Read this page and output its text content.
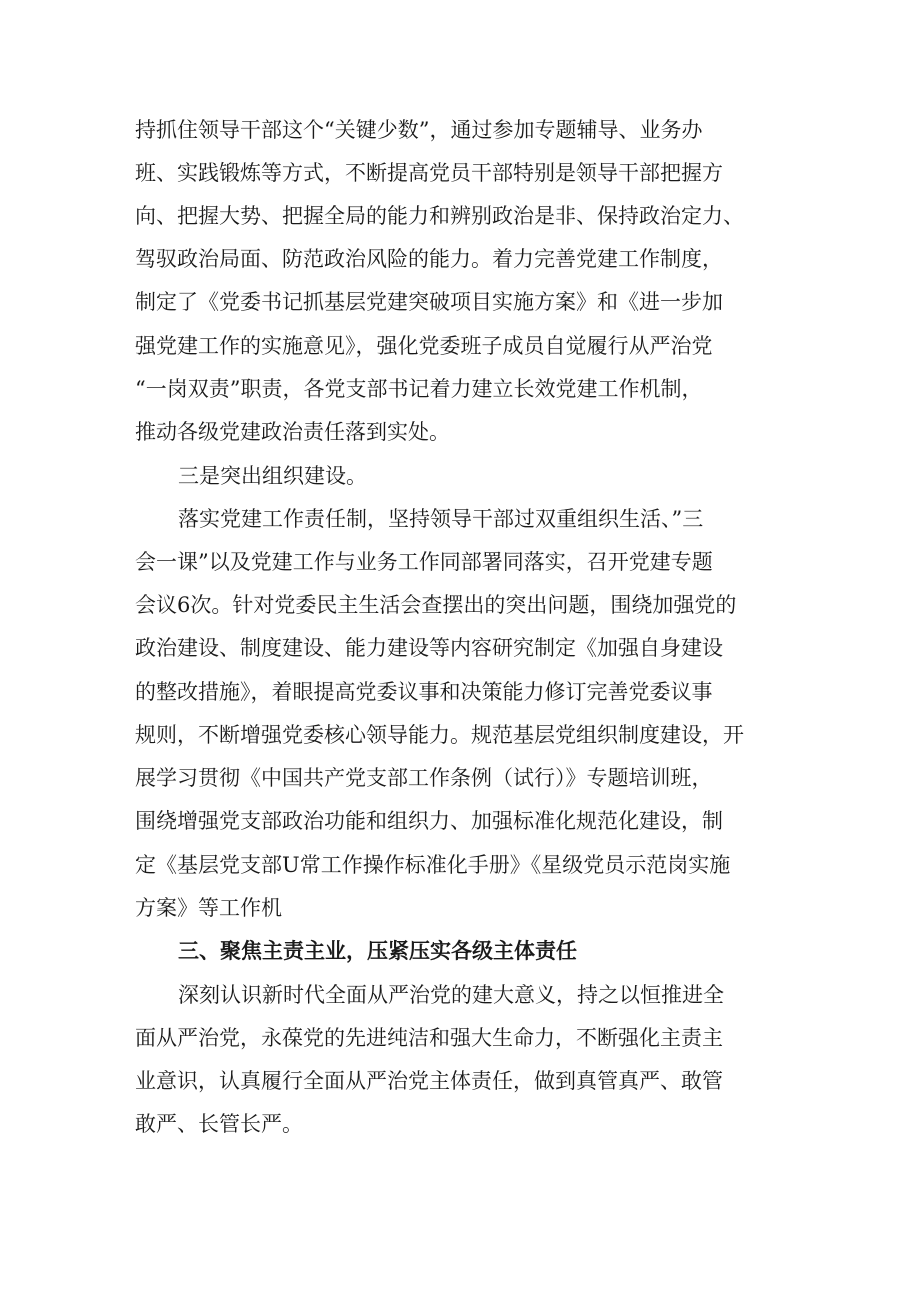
持抓住领导干部这个“关键少数”，通过参加专题辅导、业务办

班、实践锻炼等方式，不断提高党员干部特别是领导干部把握方

向、把握大势、把握全局的能力和辨别政治是非、保持政治定力、

驾驭政治局面、防范政治风险的能力。着力完善党建工作制度，

制定了《党委书记抓基层党建突破项目实施方案》和《进一步加

强党建工作的实施意见》，强化党委班子成员自觉履行从严治党

“一岗双责”职责，各党支部书记着力建立长效党建工作机制，

推动各级党建政治责任落到实处。

三是突出组织建设。

落实党建工作责任制，坚持领导干部过双重组织生活、”三

会一课”以及党建工作与业务工作同部署同落实，召开党建专题

会议6次。针对党委民主生活会查摆出的突出问题，围绕加强党的

政治建设、制度建设、能力建设等内容研究制定《加强自身建设

的整改措施》，着眼提高党委议事和决策能力修订完善党委议事

规则，不断增强党委核心领导能力。规范基层党组织制度建设，开

展学习贯彻《中国共产党支部工作条例（试行）》专题培训班，

围绕增强党支部政治功能和组织力、加强标准化规范化建设，制

定《基层党支部U常工作操作标准化手册》《星级党员示范岗实施

方案》等工作机

三、聚焦主责主业，压紧压实各级主体责任

深刻认识新时代全面从严治党的建大意义，持之以恒推进全

面从严治党，永葆党的先进纯洁和强大生命力，不断强化主责主

业意识，认真履行全面从严治党主体责任，做到真管真严、敢管

敢严、长管长严。
